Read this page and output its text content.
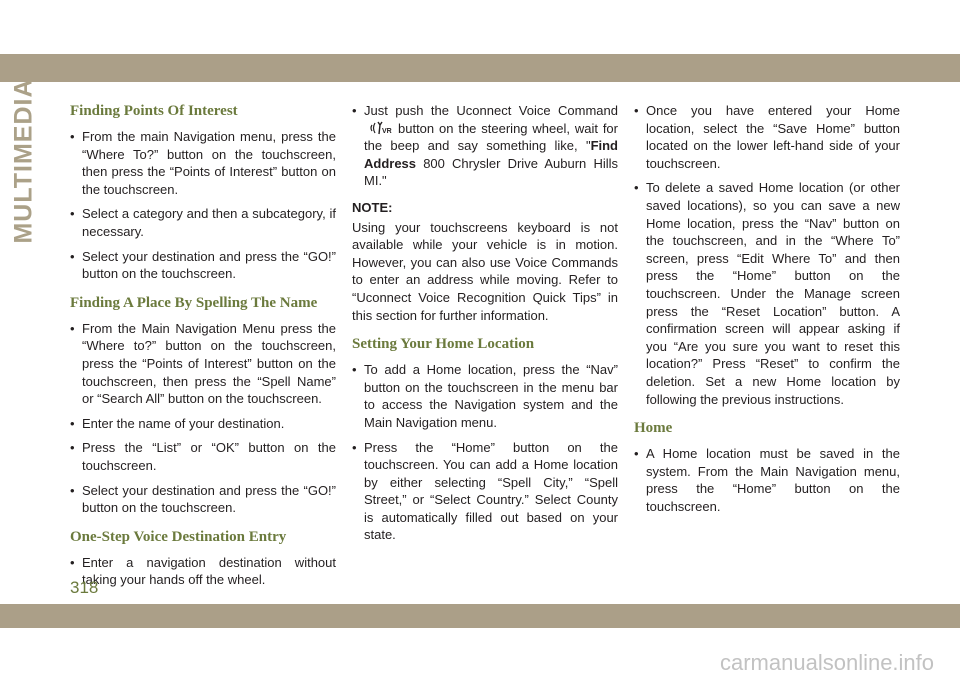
MULTIMEDIA Finding Points Of Interest

• From the main Navigation menu, press the “Where To?” button on the touchscreen, then press the “Points of Interest” button on the touchscreen.

• Select a category and then a subcategory, if necessary.

• Select your destination and press the “GO!” button on the touchscreen.

Finding A Place By Spelling The Name

• From the Main Navigation Menu press the “Where to?” button on the touchscreen, press the “Points of Interest” button on the touchscreen, then press the “Spell Name” or “Search All” button on the touchscreen.

• Enter the name of your destination.

• Press the “List” or “OK” button on the touchscreen.

• Select your destination and press the “GO!” button on the touchscreen.

One-Step Voice Destination Entry

• Enter a navigation destination without taking your hands off the wheel.

• Just push the Uconnect Voice Command
VR button on the steering wheel, wait for the beep and say something like, "Find Address 800 Chrysler Drive Auburn Hills MI."

NOTE:

Using your touchscreens keyboard is not available while your vehicle is in motion. However, you can also use Voice Commands to enter an address while moving. Refer to “Uconnect Voice Recognition Quick Tips” in this section for further information.

Setting Your Home Location

• To add a Home location, press the “Nav” button on the touchscreen in the menu bar to access the Navigation system and the Main Navigation menu.

• Press the “Home” button on the touchscreen. You can add a Home location by either selecting “Spell City,” “Spell Street,” or “Select Country.” Select County is automatically filled out based on your state.

• Once you have entered your Home location, select the “Save Home” button located on the lower left-hand side of your touchscreen.

• To delete a saved Home location (or other saved locations), so you can save a new Home location, press the “Nav” button on the touchscreen, and in the “Where To” screen, press “Edit Where To” and then press the “Home” button on the touchscreen. Under the Manage screen press the “Reset Location” button. A confirmation screen will appear asking if you “Are you sure you want to reset this location?” Press “Reset” to confirm the deletion. Set a new Home location by following the previous instructions.

Home

• A Home location must be saved in the system. From the Main Navigation menu, press the “Home” button on the touchscreen.

318
carmanualsonline.info
